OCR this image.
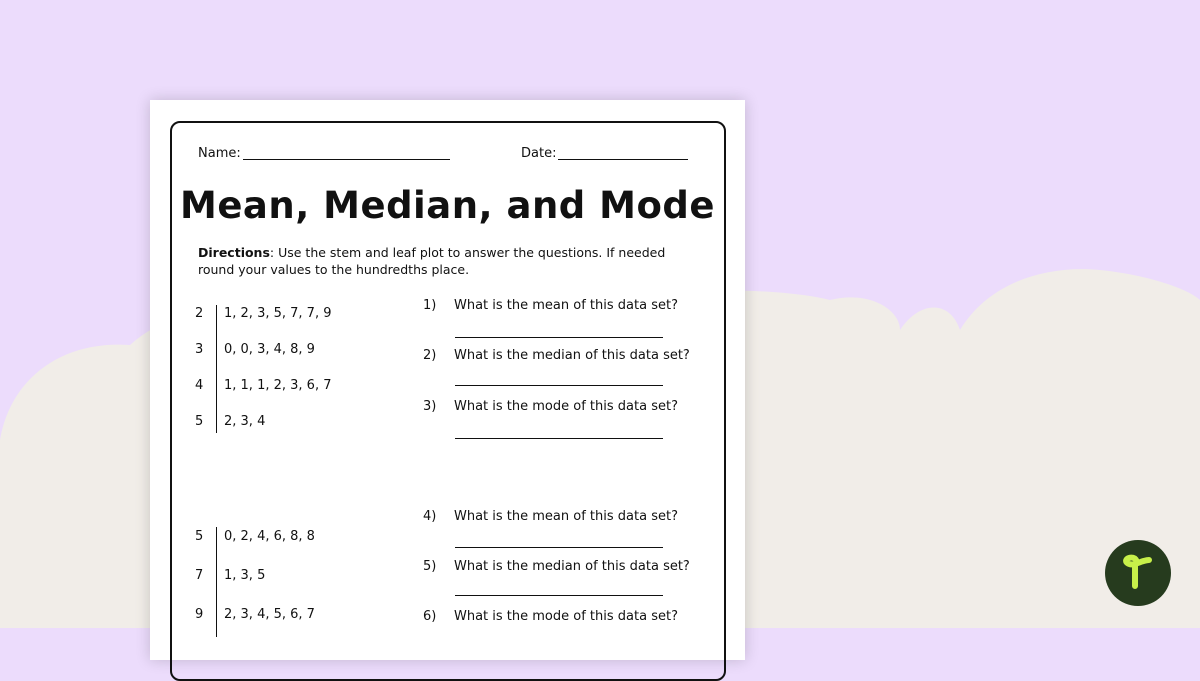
Name:	Date:
Mean, Median, and Mode
Directions: Use the stem and leaf plot to answer the questions. If needed round your values to the hundredths place.
2 1, 2, 3, 5, 7, 7, 9
3 0, 0, 3, 4, 8, 9
4 1, 1, 1, 2, 3, 6, 7
5 2, 3, 4
5 0, 2, 4, 6, 8, 8
7 1, 3, 5
9 2, 3, 4, 5, 6, 7
1) What is the mean of this data set?
2) What is the median of this data set?
3) What is the mode of this data set?
4) What is the mean of this data set?
5) What is the median of this data set?
6) What is the mode of this data set?
